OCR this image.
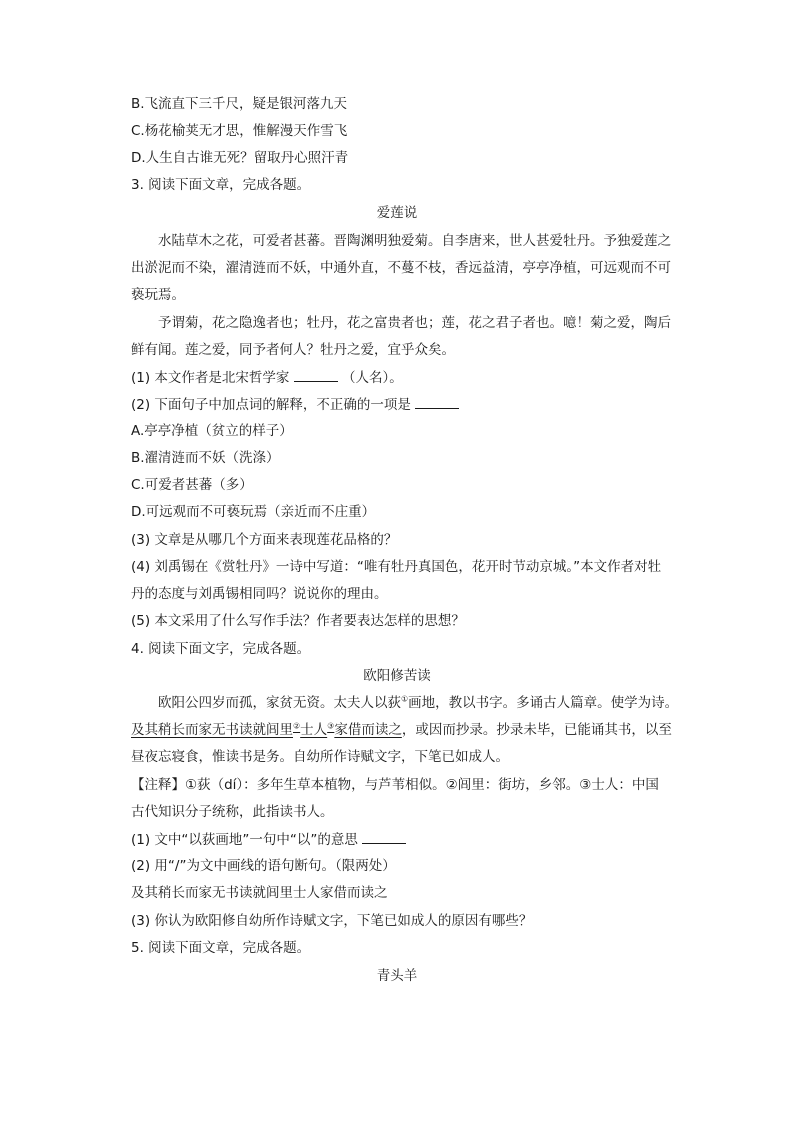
B.飞流直下三千尺，疑是银河落九天
C.杨花榆荚无才思，惟解漫天作雪飞
D.人生自古谁无死？留取丹心照汗青
3. 阅读下面文章，完成各题。
爱莲说
水陆草木之花，可爱者甚蕃。晋陶渊明独爱菊。自李唐来，世人甚爱牡丹。予独爱莲之
出淤泥而不染，濯清涟而不妖，中通外直，不蔓不枝，香远益清，亭亭净植，可远观而不可
亵玩焉。
予谓菊，花之隐逸者也；牡丹，花之富贵者也；莲，花之君子者也。噫！菊之爱，陶后
鲜有闻。莲之爱，同予者何人？牡丹之爱，宜乎众矣。
(1) 本文作者是北宋哲学家	（人名）。
(2) 下面句子中加点词的解释，不正确的一项是
A.亭亭净植（贫立的样子）
B.濯清涟而不妖（洗涤）
C.可爱者甚蕃（多）
D.可远观而不可亵玩焉（亲近而不庄重）
(3) 文章是从哪几个方面来表现莲花品格的？
(4) 刘禹锡在《赏牡丹》一诗中写道：“唯有牡丹真国色，花开时节动京城。”本文作者对牡
丹的态度与刘禹锡相同吗？说说你的理由。
(5) 本文采用了什么写作手法？作者要表达怎样的思想？
4. 阅读下面文字，完成各题。
欧阳修苦读
欧阳公四岁而孤，家贫无资。太夫人以荻①画地，教以书字。多诵古人篇章。使学为诗。
及其稍长而家无书读就闾里②士人③家借而读之，或因而抄录。抄录未毕，已能诵其书，以至
昼夜忘寝食，惟读书是务。自幼所作诗赋文字，下笔已如成人。
【注释】①荻（dí）：多年生草本植物，与芦苇相似。②闾里：街坊，乡邻。③士人：中国
古代知识分子统称，此指读书人。
(1) 文中“以荻画地”一句中“以”的意思
(2) 用“/”为文中画线的语句断句。（限两处）
及其稍长而家无书读就闾里士人家借而读之
(3) 你认为欧阳修自幼所作诗赋文字，下笔已如成人的原因有哪些？
5. 阅读下面文章，完成各题。
青头羊
